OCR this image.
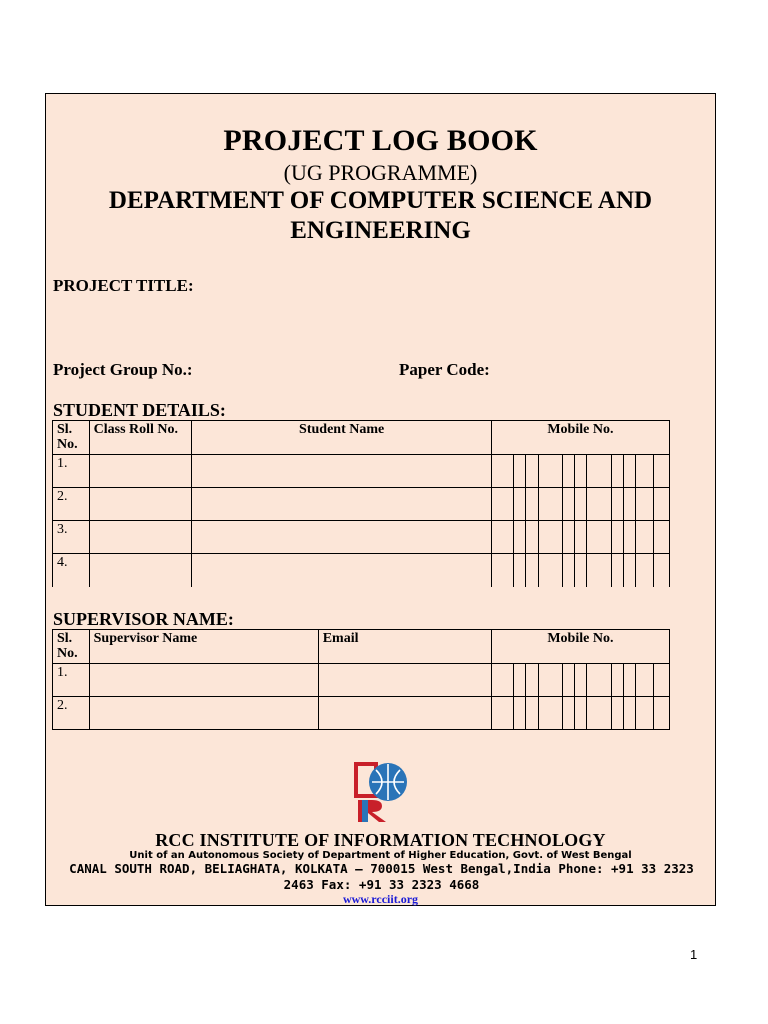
PROJECT LOG BOOK
(UG PROGRAMME)
DEPARTMENT OF COMPUTER SCIENCE AND
ENGINEERING
PROJECT TITLE:
Project Group No.:	Paper Code:
STUDENT DETAILS:
Sl. No.	Class Roll No.	Student Name	Mobile No.										
1.													
2.													
3.													
4.													
SUPERVISOR NAME:
Sl. No.	Supervisor Name	Email	Mobile No.										
1.													
2.													
RCC INSTITUTE OF INFORMATION TECHNOLOGY
Unit of an Autonomous Society of Department of Higher Education, Govt. of West Bengal
CANAL SOUTH ROAD, BELIAGHATA, KOLKATA – 700015 West Bengal,India Phone: +91 33 2323 2463 Fax: +91 33 2323 4668
www.rcciit.org
1
